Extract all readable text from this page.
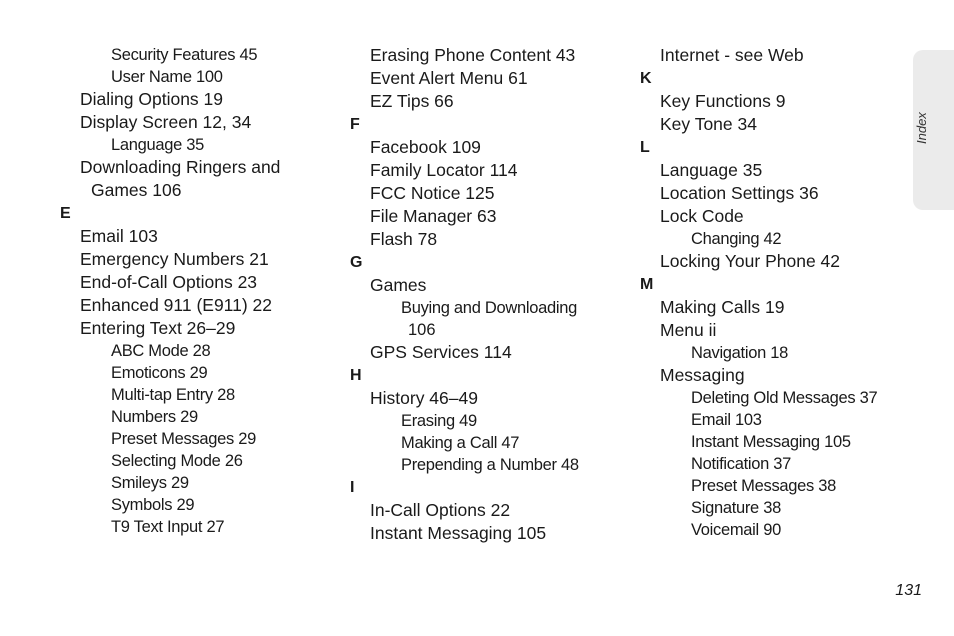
Security Features 45
User Name 100
Dialing Options 19
Display Screen 12, 34
Language 35
Downloading Ringers and
Games 106
E
Email 103
Emergency Numbers 21
End-of-Call Options 23
Enhanced 911 (E911) 22
Entering Text 26–29
ABC Mode 28
Emoticons 29
Multi-tap Entry 28
Numbers 29
Preset Messages 29
Selecting Mode 26
Smileys 29
Symbols 29
T9 Text Input 27
Erasing Phone Content 43
Event Alert Menu 61
EZ Tips 66
F
Facebook 109
Family Locator 114
FCC Notice 125
File Manager 63
Flash 78
G
Games
Buying and Downloading
106
GPS Services 114
H
History 46–49
Erasing 49
Making a Call 47
Prepending a Number 48
I
In-Call Options 22
Instant Messaging 105
Internet - see Web
K
Key Functions 9
Key Tone 34
L
Language 35
Location Settings 36
Lock Code
Changing 42
Locking Your Phone 42
M
Making Calls 19
Menu ii
Navigation 18
Messaging
Deleting Old Messages 37
Email 103
Instant Messaging 105
Notification 37
Preset Messages 38
Signature 38
Voicemail 90
Index
131
